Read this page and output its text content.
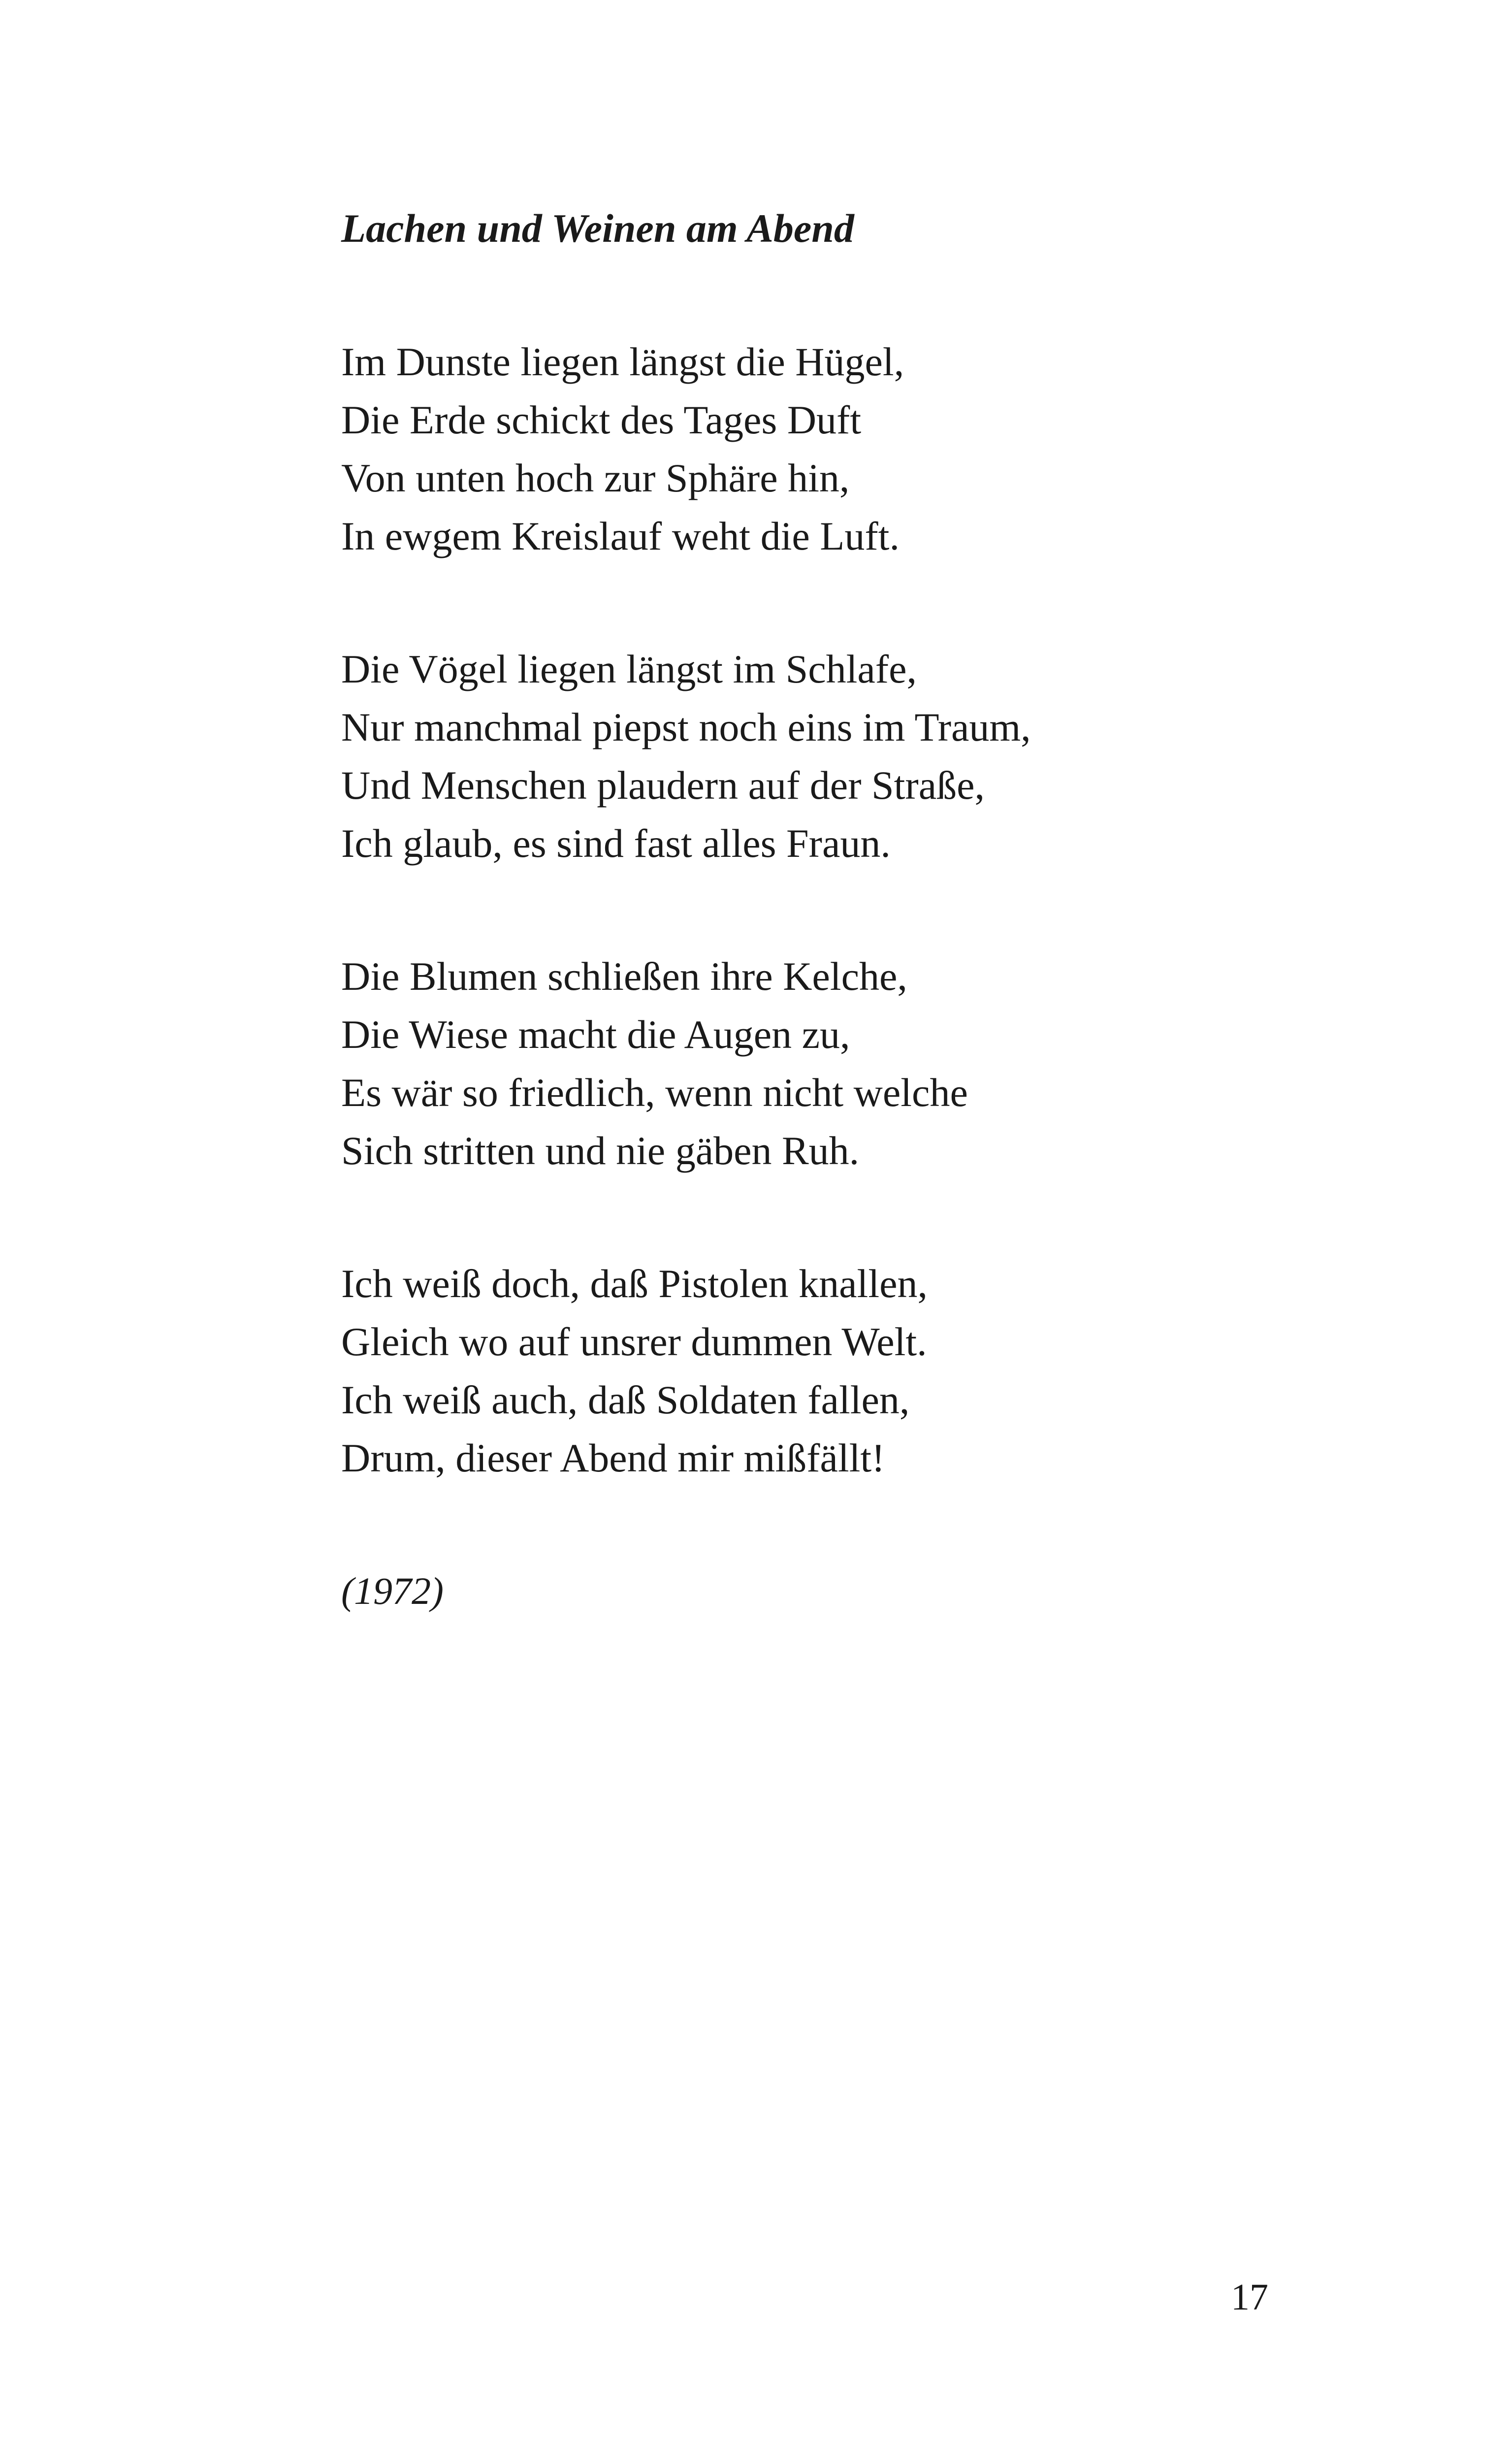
Lachen und Weinen am Abend
Im Dunste liegen längst die Hügel,
Die Erde schickt des Tages Duft
Von unten hoch zur Sphäre hin,
In ewgem Kreislauf weht die Luft.
Die Vögel liegen längst im Schlafe,
Nur manchmal piepst noch eins im Traum,
Und Menschen plaudern auf der Straße,
Ich glaub, es sind fast alles Fraun.
Die Blumen schließen ihre Kelche,
Die Wiese macht die Augen zu,
Es wär so friedlich, wenn nicht welche
Sich stritten und nie gäben Ruh.
Ich weiß doch, daß Pistolen knallen,
Gleich wo auf unsrer dummen Welt.
Ich weiß auch, daß Soldaten fallen,
Drum, dieser Abend mir mißfällt!

(1972)

17
